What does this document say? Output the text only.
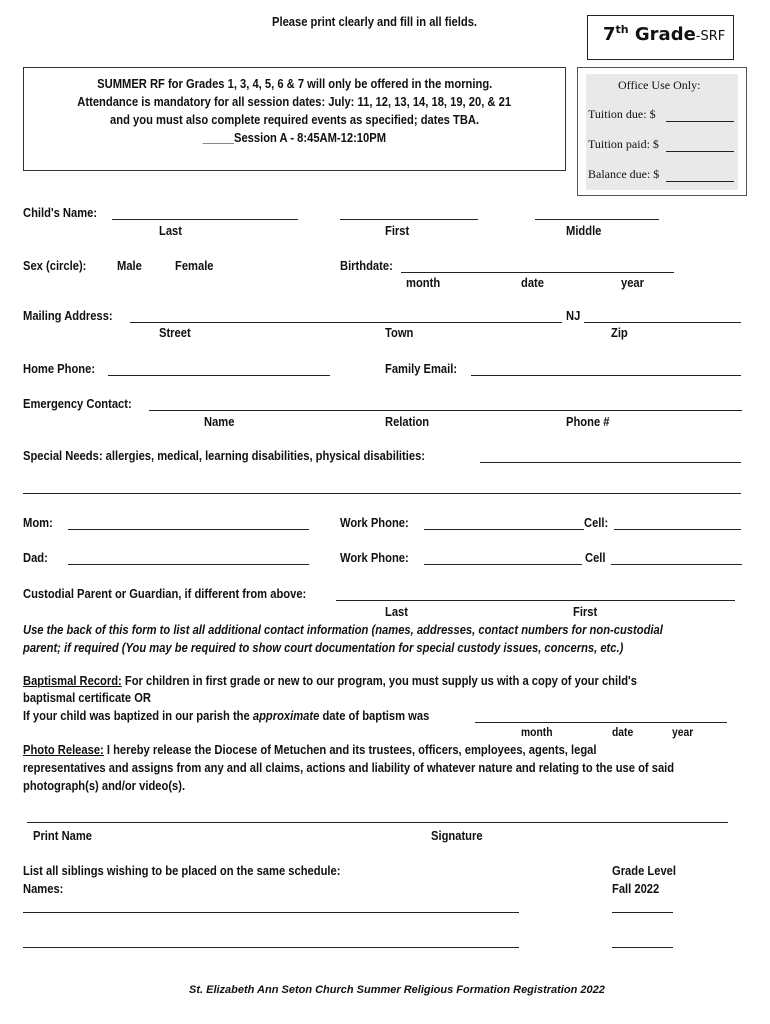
Please print clearly and fill in all fields.
7th Grade-SRF
SUMMER RF for Grades 1, 3, 4, 5, 6 & 7 will only be offered in the morning.
Attendance is mandatory for all session dates: July: 11, 12, 13, 14, 18, 19, 20, & 21
and you must also complete required events as specified; dates TBA.
_____Session A - 8:45AM-12:10PM
Office Use Only:
Tuition due: $
Tuition paid: $
Balance due: $
Child's Name:
Last	First	Middle
Sex (circle): Male	Female	Birthdate:
month	date	year
Mailing Address:	NJ
Street	Town	Zip
Home Phone:	Family Email:
Emergency Contact:
Name	Relation	Phone #
Special Needs: allergies, medical, learning disabilities, physical disabilities:
Mom:	Work Phone:	Cell:
Dad:	Work Phone:	Cell
Custodial Parent or Guardian, if different from above:
Last	First
Use the back of this form to list all additional contact information (names, addresses, contact numbers for non-custodial
parent; if required (You may be required to show court documentation for special custody issues, concerns, etc.)
Baptismal Record: For children in first grade or new to our program, you must supply us with a copy of your child's
baptismal certificate OR
If your child was baptized in our parish the approximate date of baptism was
month	date	year
Photo Release: I hereby release the Diocese of Metuchen and its trustees, officers, employees, agents, legal
representatives and assigns from any and all claims, actions and liability of whatever nature and relating to the use of said
photograph(s) and/or video(s).
Print Name	Signature
List all siblings wishing to be placed on the same schedule:
Names:
Grade Level
Fall 2022
St. Elizabeth Ann Seton Church Summer Religious Formation Registration 2022
